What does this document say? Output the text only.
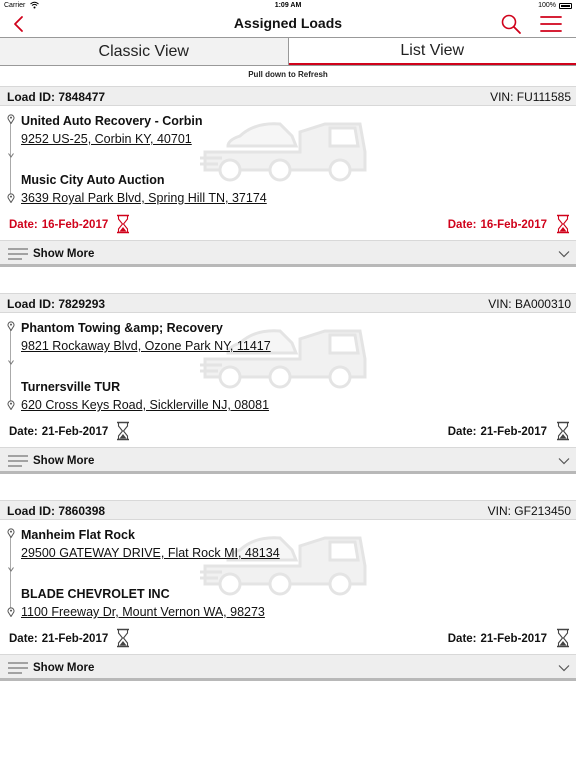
Carrier	1:09 AM	100%
Assigned Loads
Classic View	List View
Pull down to Refresh
Load ID: 7848477	VIN: FU111585
United Auto Recovery - Corbin
9252 US-25, Corbin KY, 40701
Music City Auto Auction
3639 Royal Park Blvd, Spring Hill TN, 37174
Date: 16-Feb-2017	Date: 16-Feb-2017
Show More
Load ID: 7829293	VIN: BA000310
Phantom Towing &amp; Recovery
9821 Rockaway Blvd, Ozone Park NY, 11417
Turnersville TUR
620 Cross Keys Road, Sicklerville NJ, 08081
Date: 21-Feb-2017	Date: 21-Feb-2017
Show More
Load ID: 7860398	VIN: GF213450
Manheim Flat Rock
29500 GATEWAY DRIVE, Flat Rock MI, 48134
BLADE CHEVROLET INC
1100 Freeway Dr, Mount Vernon WA, 98273
Date: 21-Feb-2017	Date: 21-Feb-2017
Show More
